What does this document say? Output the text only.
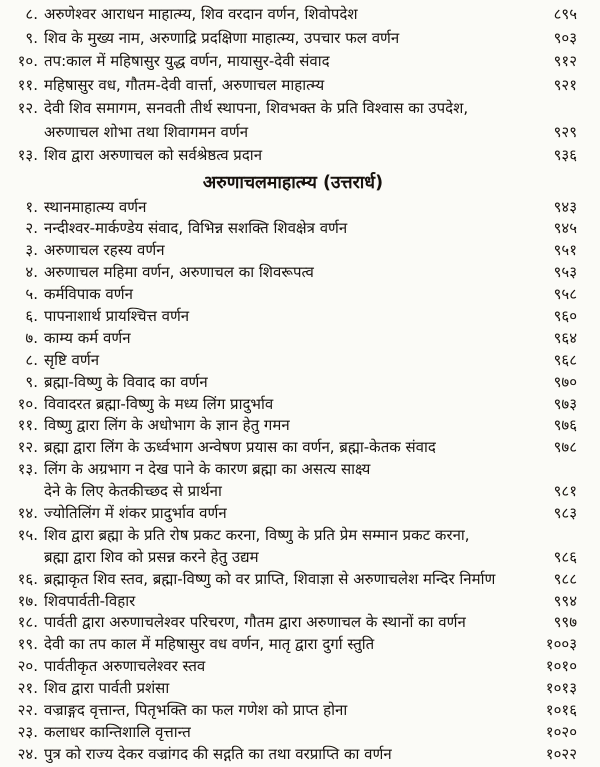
८. अरुणेश्वर आराधन माहात्म्य, शिव वरदान वर्णन, शिवोपदेश	८९५
९. शिव के मुख्य नाम, अरुणाद्रि प्रदक्षिणा माहात्म्य, उपचार फल वर्णन	९०३
१०. तप:काल में महिषासुर युद्ध वर्णन, मायासुर-देवी संवाद	९१२
११. महिषासुर वध, गौतम-देवी वार्त्ता, अरुणाचल माहात्म्य	९२१
१२. देवी शिव समागम, सनवती तीर्थ स्थापना, शिवभक्त के प्रति विश्वास का उपदेश,
अरुणाचल शोभा तथा शिवागमन वर्णन	९२९
१३. शिव द्वारा अरुणाचल को सर्वश्रेष्ठत्व प्रदान	९३६
अरुणाचलमाहात्म्य (उत्तरार्ध)
१. स्थानमाहात्म्य वर्णन	९४३
२. नन्दीश्वर-मार्कण्डेय संवाद, विभिन्न सशक्ति शिवक्षेत्र वर्णन	९४५
३. अरुणाचल रहस्य वर्णन	९५१
४. अरुणाचल महिमा वर्णन, अरुणाचल का शिवरूपत्व	९५३
५. कर्मविपाक वर्णन	९५८
६. पापनाशार्थ प्रायश्चित्त वर्णन	९६०
७. काम्य कर्म वर्णन	९६४
८. सृष्टि वर्णन	९६८
९. ब्रह्मा-विष्णु के विवाद का वर्णन	९७०
१०. विवादरत ब्रह्मा-विष्णु के मध्य लिंग प्रादुर्भाव	९७३
११. विष्णु द्वारा लिंग के अधोभाग के ज्ञान हेतु गमन	९७६
१२. ब्रह्मा द्वारा लिंग के ऊर्ध्वभाग अन्वेषण प्रयास का वर्णन, ब्रह्मा-केतक संवाद	९७८
१३. लिंग के अग्रभाग न देख पाने के कारण ब्रह्मा का असत्य साक्ष्य
देने के लिए केतकीच्छद से प्रार्थना	९८१
१४. ज्योतिलिंग में शंकर प्रादुर्भाव वर्णन	९८३
१५. शिव द्वारा ब्रह्मा के प्रति रोष प्रकट करना, विष्णु के प्रति प्रेम सम्मान प्रकट करना,
ब्रह्मा द्वारा शिव को प्रसन्न करने हेतु उद्यम	९८६
१६. ब्रह्माकृत शिव स्तव, ब्रह्मा-विष्णु को वर प्राप्ति, शिवाज्ञा से अरुणाचलेश मन्दिर निर्माण	९८८
१७. शिवपार्वती-विहार	९९४
१८. पार्वती द्वारा अरुणाचलेश्वर परिचरण, गौतम द्वारा अरुणाचल के स्थानों का वर्णन	९९७
१९. देवी का तप काल में महिषासुर वध वर्णन, मातृ द्वारा दुर्गा स्तुति	१००३
२०. पार्वतीकृत अरुणाचलेश्वर स्तव	१०१०
२१. शिव द्वारा पार्वती प्रशंसा	१०१३
२२. वज्राङ्गद वृत्तान्त, पितृभक्ति का फल गणेश को प्राप्त होना	१०१६
२३. कलाधर कान्तिशालि वृत्तान्त	१०२०
२४. पुत्र को राज्य देकर वज्रांगद की सद्गति का तथा वरप्राप्ति का वर्णन	१०२२
